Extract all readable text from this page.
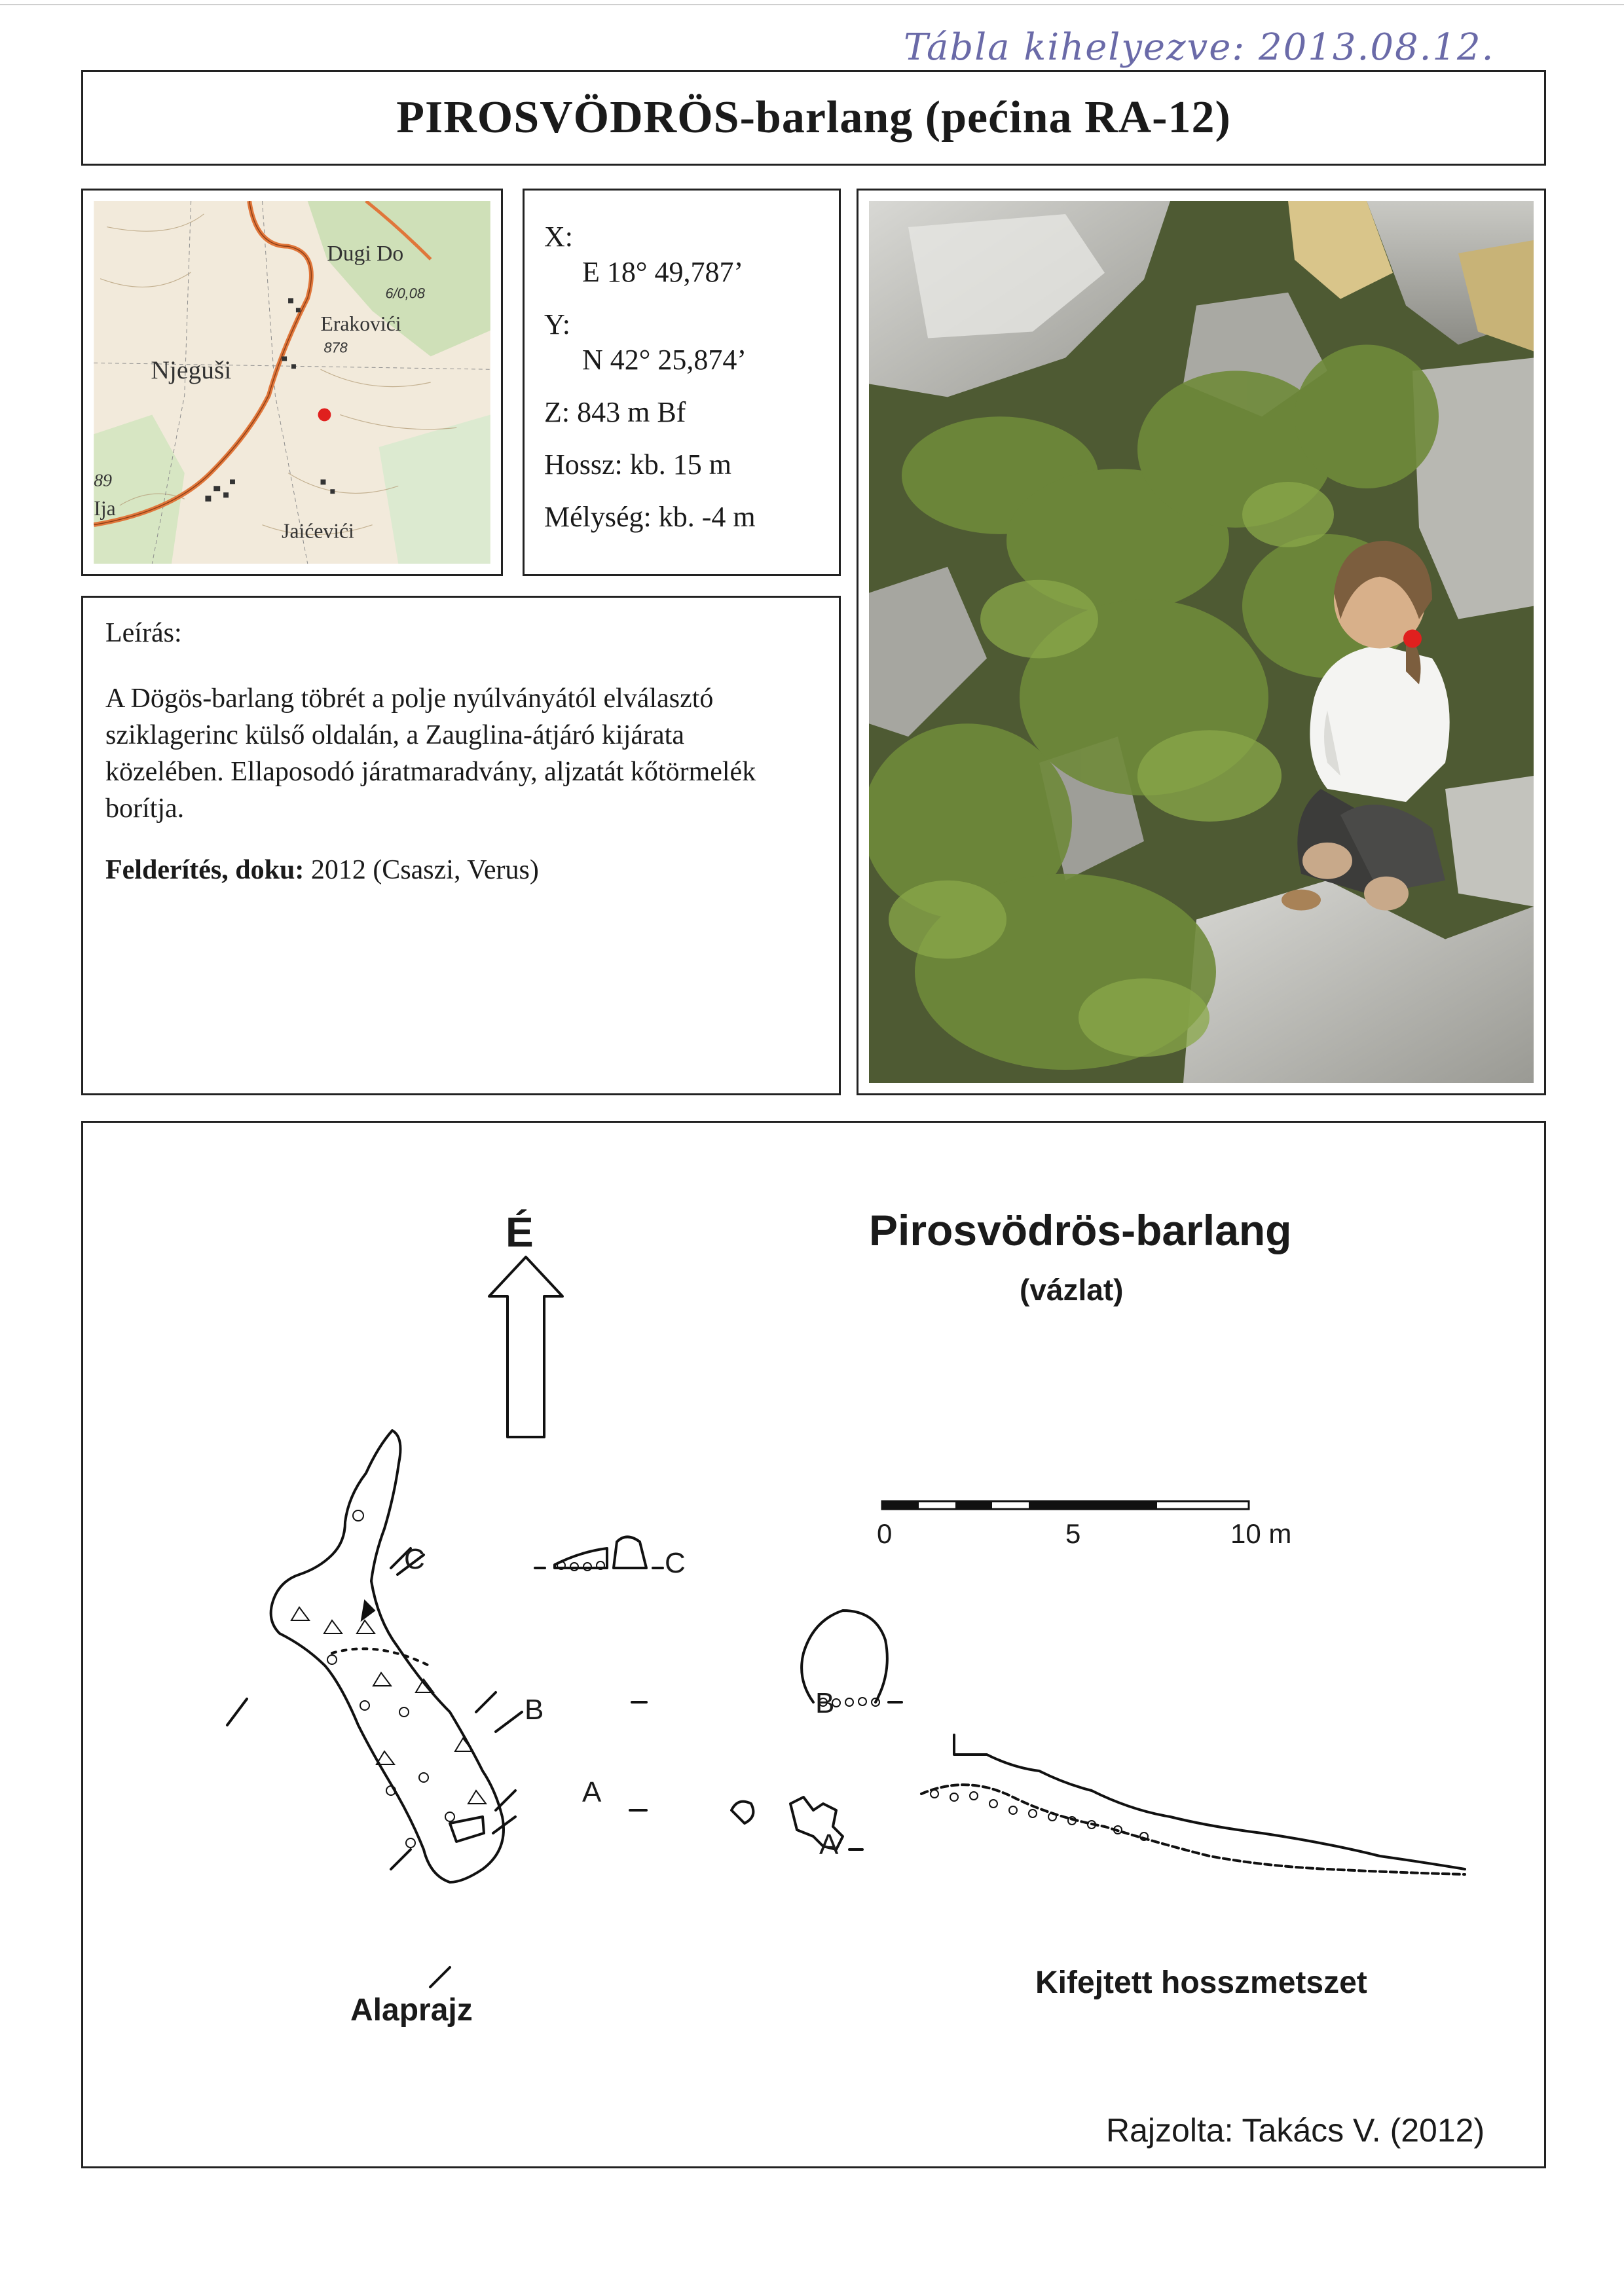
Tábla kihelyezve: 2013.08.12.
PIROSVÖDRÖS-barlang (pećina RA-12)
Dugi Do
6/0,08
Erakovići
878
Njeguši
Jaićevići
89
Ija
X:
E 18° 49,787’
Y:
N 42° 25,874’
Z: 843 m Bf
Hossz: kb. 15 m
Mélység: kb. -4 m
Leírás:
A Dögös-barlang töbrét a polje nyúlványától elválasztó sziklagerinc külső oldalán, a Zauglina-átjáró kijárata közelében. Ellaposodó járatmaradvány, aljzatát kőtörmelék borítja.
Felderítés, doku: 2012 (Csaszi, Verus)
É	Pirosvödrös-barlang
(vázlat)
0	5	10 m
C	C
B	B
A
A
Alaprajz
Kifejtett hosszmetszet
Rajzolta: Takács V. (2012)
